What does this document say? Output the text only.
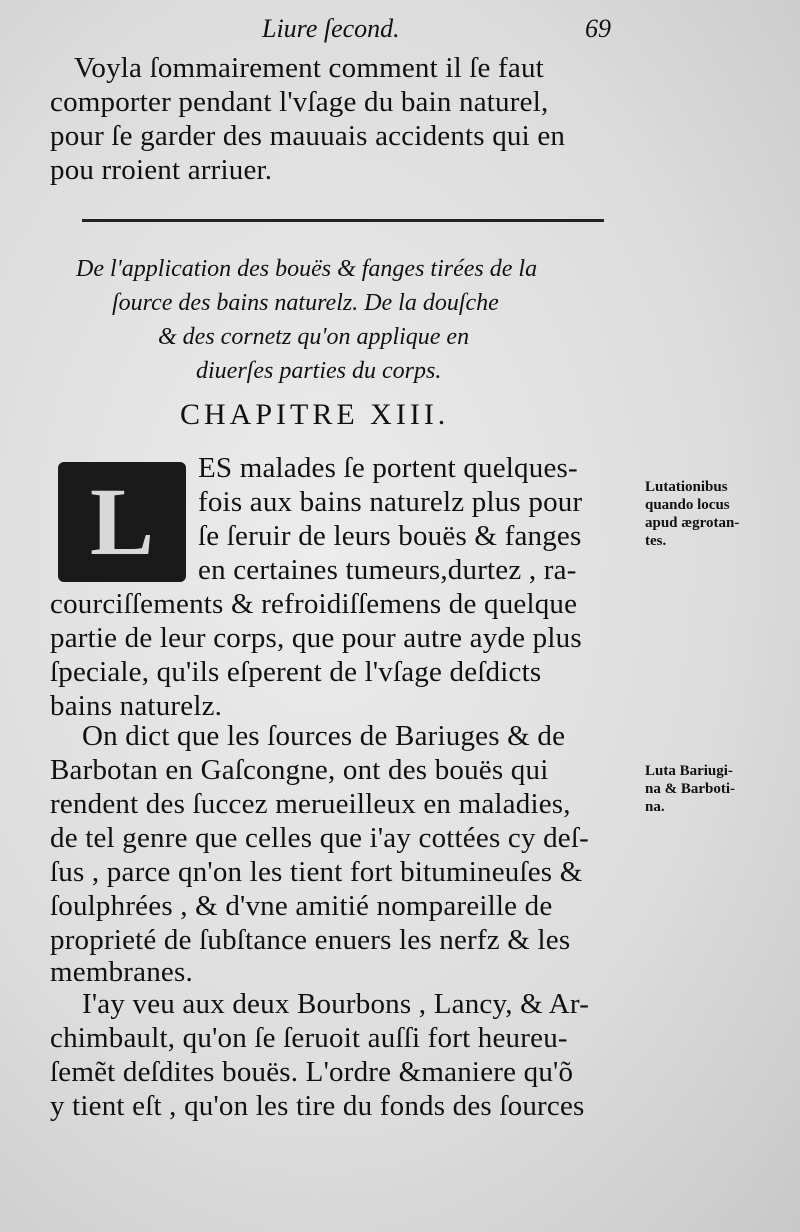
Liure ſecond.	69
Voyla ſommairement comment il ſe faut
comporter pendant l'vſage du bain naturel,
pour ſe garder des mauuais accidents qui en
pou rroient arriuer.
De l'application des bouës & fanges tirées de la
ſource des bains naturelz. De la douſche
& des cornetz qu'on applique en
diuerſes parties du corps.
CHAPITRE XIII.
L ES malades ſe portent quelques-
fois aux bains naturelz plus pour
ſe ſeruir de leurs bouës & fanges
en certaines tumeurs,durtez , ra-
courciſſements & refroidiſſemens de quelque
partie de leur corps, que pour autre ayde plus
ſpeciale, qu'ils eſperent de l'vſage deſdicts
bains naturelz.
On dict que les ſources de Bariuges & de
Barbotan en Gaſcongne, ont des bouës qui
rendent des ſuccez merueilleux en maladies,
de tel genre que celles que i'ay cottées cy deſ-
ſus , parce qn'on les tient fort bitumineuſes &
ſoulphrées , & d'vne amitié nompareille de
proprieté de ſubſtance enuers les nerfz & les
membranes.
I'ay veu aux deux Bourbons , Lancy, & Ar-
chimbault, qu'on ſe ſeruoit auſſi fort heureu-
ſemẽt deſdites bouës. L'ordre &maniere qu'õ
y tient eſt , qu'on les tire du fonds des ſources
Lutationibus
quando locus
apud ægrotan-
tes.
Luta Bariugi-
na & Barboti-
na.
